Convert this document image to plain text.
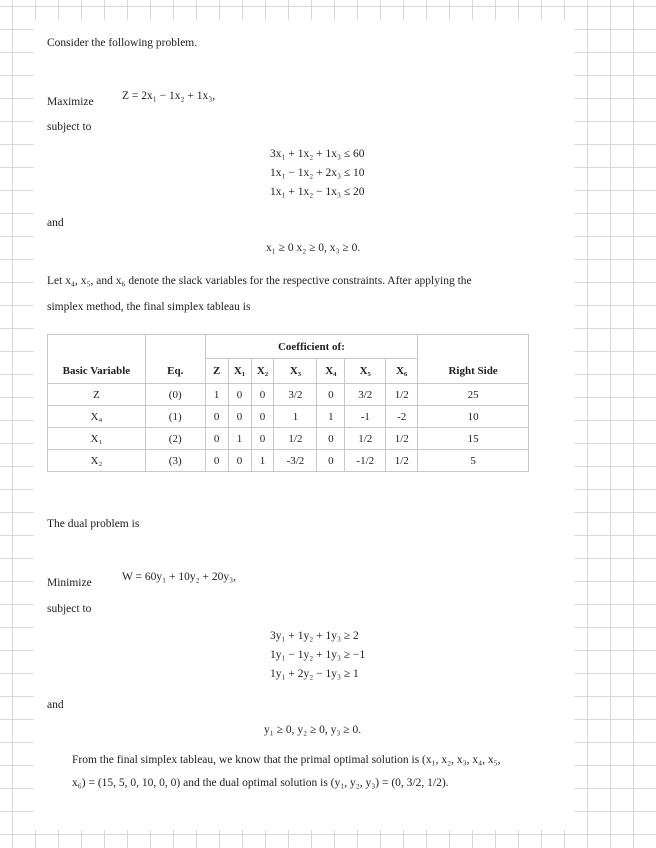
Consider the following problem.
Maximize Z = 2x₁ − 1x₂ + 1x₃,
subject to
3x₁ + 1x₂ + 1x₃ ≤ 60
1x₁ − 1x₂ + 2x₃ ≤ 10
1x₁ + 1x₂ − 1x₃ ≤ 20
and
x₁ ≥ 0 x₂ ≥ 0, x₃ ≥ 0.
Let x₄, x₅, and x₆ denote the slack variables for the respective constraints. After applying the
simplex method, the final simplex tableau is
		Coefficient of:							
Basic Variable	Eq.	Z	X₁	X₂	X₃	X₄	X₅	X₆	Right Side
Z	(0)	1	0	0	3/2	0	3/2	1/2	25
X₄	(1)	0	0	0	1	1	-1	-2	10
X₁	(2)	0	1	0	1/2	0	1/2	1/2	15
X₂	(3)	0	0	1	-3/2	0	-1/2	1/2	5
The dual problem is
Minimize	W = 60y₁ + 10y₂ + 20y₃,
subject to
3y₁ + 1y₂ + 1y₃ ≥ 2
1y₁ − 1y₂ + 1y₃ ≥ −1
1y₁ + 2y₂ − 1y₃ ≥ 1
and
y₁ ≥ 0, y₂ ≥ 0, y₃ ≥ 0.
From the final simplex tableau, we know that the primal optimal solution is (x₁, x₂, x₃, x₄, x₅,
x₆) = (15, 5, 0, 10, 0, 0) and the dual optimal solution is (y₁, y₂, y₃) = (0, 3/2, 1/2).
